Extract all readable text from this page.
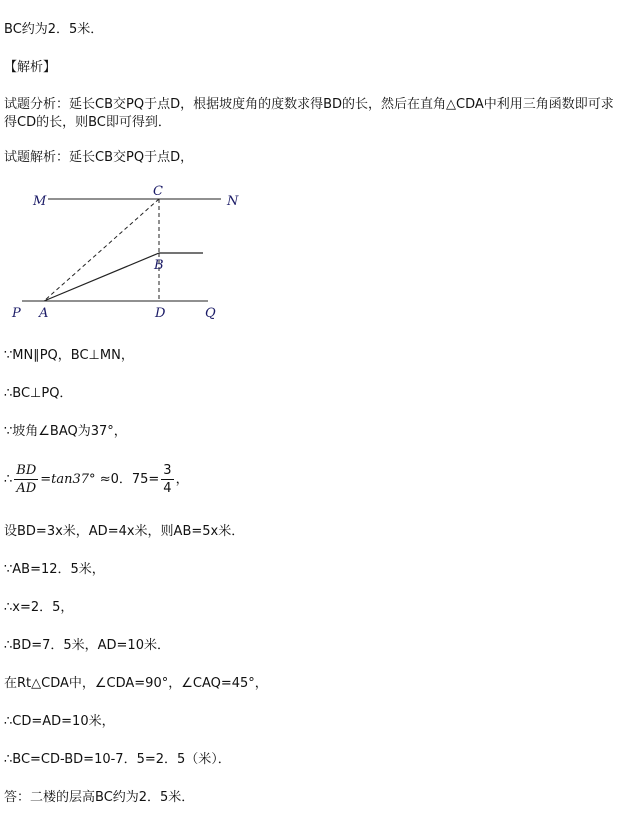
BC约为2．5米．
【解析】
试题分析：延长CB交PQ于点D，根据坡度角的度数求得BD的长，然后在直角△CDA中利用三角函数即可求得CD的长，则BC即可得到．
试题解析：延长CB交PQ于点D，
M	N
C
B
P A	D	Q
∵MN∥PQ，BC⊥MN，
∴BC⊥PQ．
∵坡角∠BAQ为37°，
∴ $\frac{BD}{AD} =\tan 37^\circ \approx 0$．$75= \frac{3}{4}$ ，
设BD=3x米，AD=4x米，则AB=5x米．
∵AB=12．5米，
∴x=2．5，
∴BD=7．5米，AD=10米．
在Rt△CDA中，∠CDA=90°，∠CAQ=45°，
∴CD=AD=10米，
∴BC=CD-BD=10-7．5=2．5（米）．
答：二楼的层高BC约为2．5米．
